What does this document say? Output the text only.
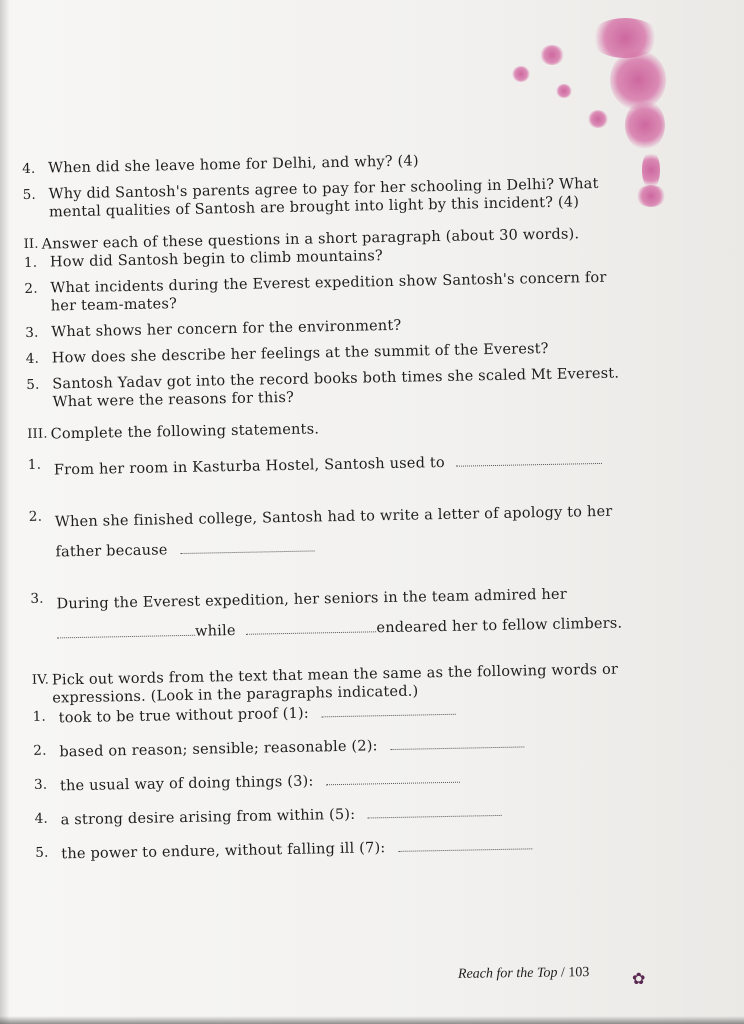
4. When did she leave home for Delhi, and why? (4)
5. Why did Santosh's parents agree to pay for her schooling in Delhi? What mental qualities of Santosh are brought into light by this incident? (4)
II. Answer each of these questions in a short paragraph (about 30 words).
1. How did Santosh begin to climb mountains?
2. What incidents during the Everest expedition show Santosh's concern for her team-mates?
3. What shows her concern for the environment?
4. How does she describe her feelings at the summit of the Everest?
5. Santosh Yadav got into the record books both times she scaled Mt Everest. What were the reasons for this?
III. Complete the following statements.
1. From her room in Kasturba Hostel, Santosh used to
2. When she finished college, Santosh had to write a letter of apology to her father because
3. During the Everest expedition, her seniors in the team admired her
while	endeared her to fellow climbers.
IV. Pick out words from the text that mean the same as the following words or expressions. (Look in the paragraphs indicated.)
1. took to be true without proof (1):
2. based on reason; sensible; reasonable (2):
3. the usual way of doing things (3):
4. a strong desire arising from within (5):
5. the power to endure, without falling ill (7):
Reach for the Top / 103	✿
